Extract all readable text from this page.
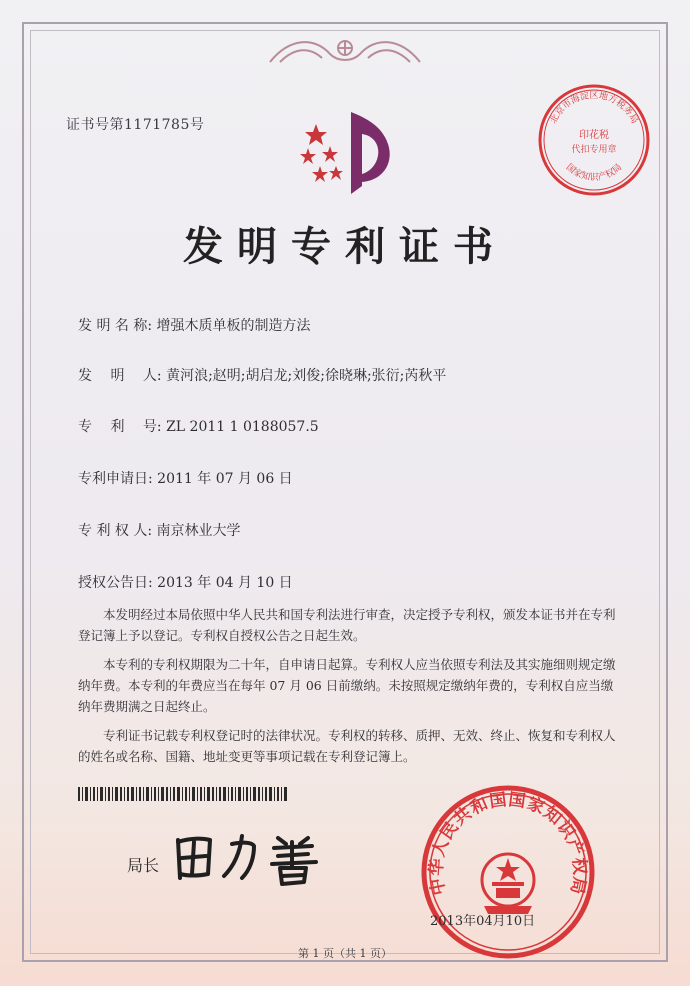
证书号第1171785号	北京市海淀区地方税务局
印花税
代扣专用章
国家知识产权局
发明专利证书
发 明 名 称: 增强木质单板的制造方法
发　 明　 人: 黄河浪;赵明;胡启龙;刘俊;徐晓琳;张衍;芮秋平
专　 利　 号: ZL 2011 1 0188057.5
专利申请日: 2011 年 07 月 06 日
专 利 权 人: 南京林业大学
授权公告日: 2013 年 04 月 10 日

本发明经过本局依照中华人民共和国专利法进行审查，决定授予专利权，颁发本证书并在专利登记簿上予以登记。专利权自授权公告之日起生效。

本专利的专利权期限为二十年，自申请日起算。专利权人应当依照专利法及其实施细则规定缴纳年费。本专利的年费应当在每年 07 月 06 日前缴纳。未按照规定缴纳年费的，专利权自应当缴纳年费期满之日起终止。

专利证书记载专利权登记时的法律状况。专利权的转移、质押、无效、终止、恢复和专利权人的姓名或名称、国籍、地址变更等事项记载在专利登记簿上。

局长
中华人民共和国国家知识产权局
2013年04月10日
第 1 页（共 1 页）
